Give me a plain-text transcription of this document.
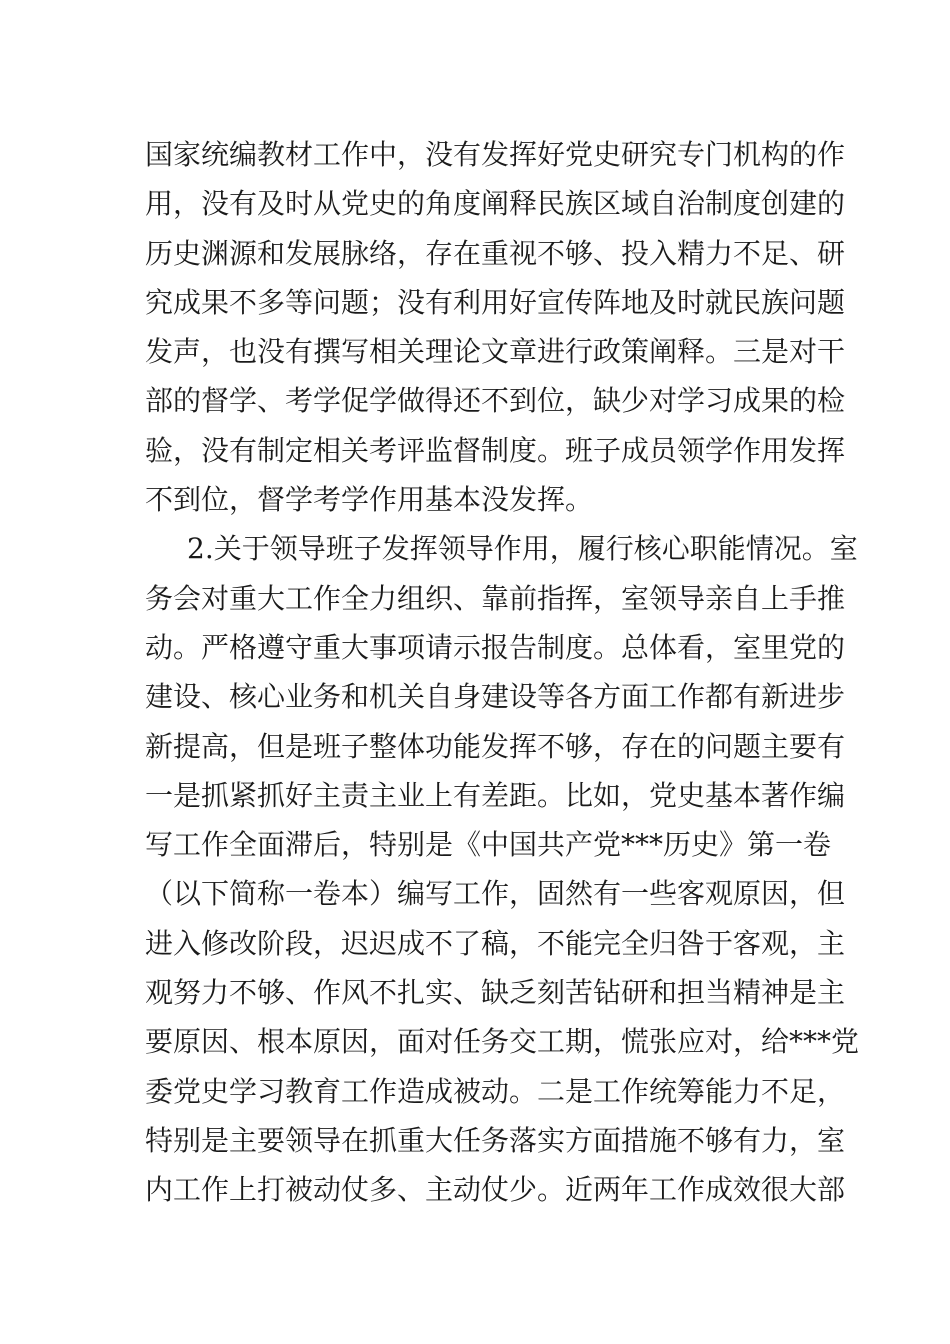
国家统编教材工作中，没有发挥好党史研究专门机构的作
用，没有及时从党史的角度阐释民族区域自治制度创建的
历史渊源和发展脉络，存在重视不够、投入精力不足、研
究成果不多等问题；没有利用好宣传阵地及时就民族问题
发声，也没有撰写相关理论文章进行政策阐释。三是对干
部的督学、考学促学做得还不到位，缺少对学习成果的检
验，没有制定相关考评监督制度。班子成员领学作用发挥
不到位，督学考学作用基本没发挥。
2.关于领导班子发挥领导作用，履行核心职能情况。室
务会对重大工作全力组织、靠前指挥，室领导亲自上手推
动。严格遵守重大事项请示报告制度。总体看，室里党的
建设、核心业务和机关自身建设等各方面工作都有新进步
新提高，但是班子整体功能发挥不够，存在的问题主要有
一是抓紧抓好主责主业上有差距。比如，党史基本著作编
写工作全面滞后，特别是《中国共产党***历史》第一卷
（以下简称一卷本）编写工作，固然有一些客观原因，但
进入修改阶段，迟迟成不了稿，不能完全归咎于客观，主
观努力不够、作风不扎实、缺乏刻苦钻研和担当精神是主
要原因、根本原因，面对任务交工期，慌张应对，给***党
委党史学习教育工作造成被动。二是工作统筹能力不足，
特别是主要领导在抓重大任务落实方面措施不够有力，室
内工作上打被动仗多、主动仗少。近两年工作成效很大部
